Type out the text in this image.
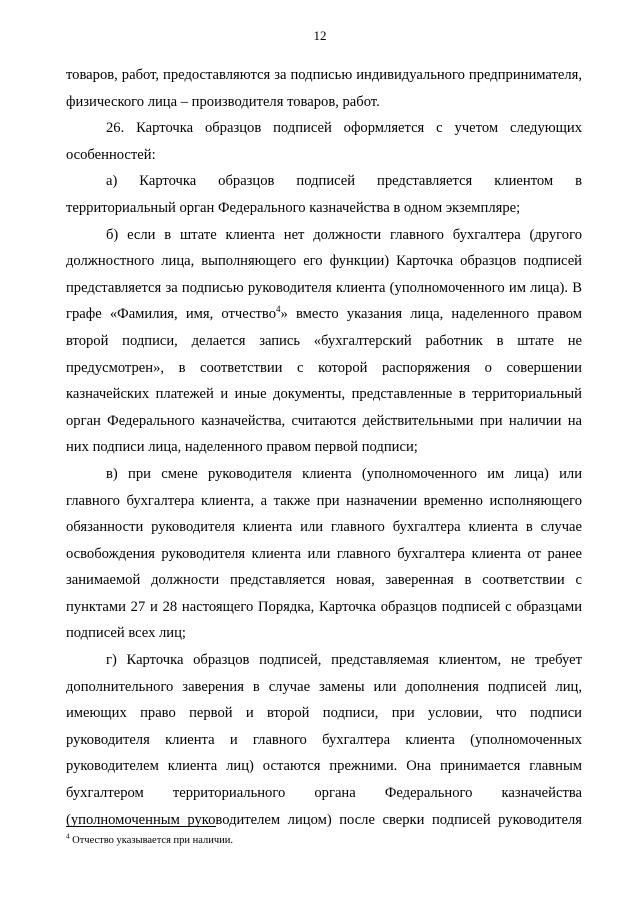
12

товаров, работ, предоставляются за подписью индивидуального предпринимателя, физического лица – производителя товаров, работ.

26. Карточка образцов подписей оформляется с учетом следующих особенностей:

а) Карточка образцов подписей представляется клиентом в территориальный орган Федерального казначейства в одном экземпляре;

б) если в штате клиента нет должности главного бухгалтера (другого должностного лица, выполняющего его функции) Карточка образцов подписей представляется за подписью руководителя клиента (уполномоченного им лица). В графе «Фамилия, имя, отчество$^4$» вместо указания лица, наделенного правом второй подписи, делается запись «бухгалтерский работник в штате не предусмотрен», в соответствии с которой распоряжения о совершении казначейских платежей и иные документы, представленные в территориальный орган Федерального казначейства, считаются действительными при наличии на них подписи лица, наделенного правом первой подписи;

в) при смене руководителя клиента (уполномоченного им лица) или главного бухгалтера клиента, а также при назначении временно исполняющего обязанности руководителя клиента или главного бухгалтера клиента в случае освобождения руководителя клиента или главного бухгалтера клиента от ранее занимаемой должности представляется новая, заверенная в соответствии с пунктами 27 и 28 настоящего Порядка, Карточка образцов подписей с образцами подписей всех лиц;

г) Карточка образцов подписей, представляемая клиентом, не требует дополнительного заверения в случае замены или дополнения подписей лиц, имеющих право первой и второй подписи, при условии, что подписи руководителя клиента и главного бухгалтера клиента (уполномоченных руководителем клиента лиц) остаются прежними. Она принимается главным бухгалтером территориального органа Федерального казначейства (уполномоченным руководителем лицом) после сверки подписей руководителя

$^4$ Отчество указывается при наличии.
